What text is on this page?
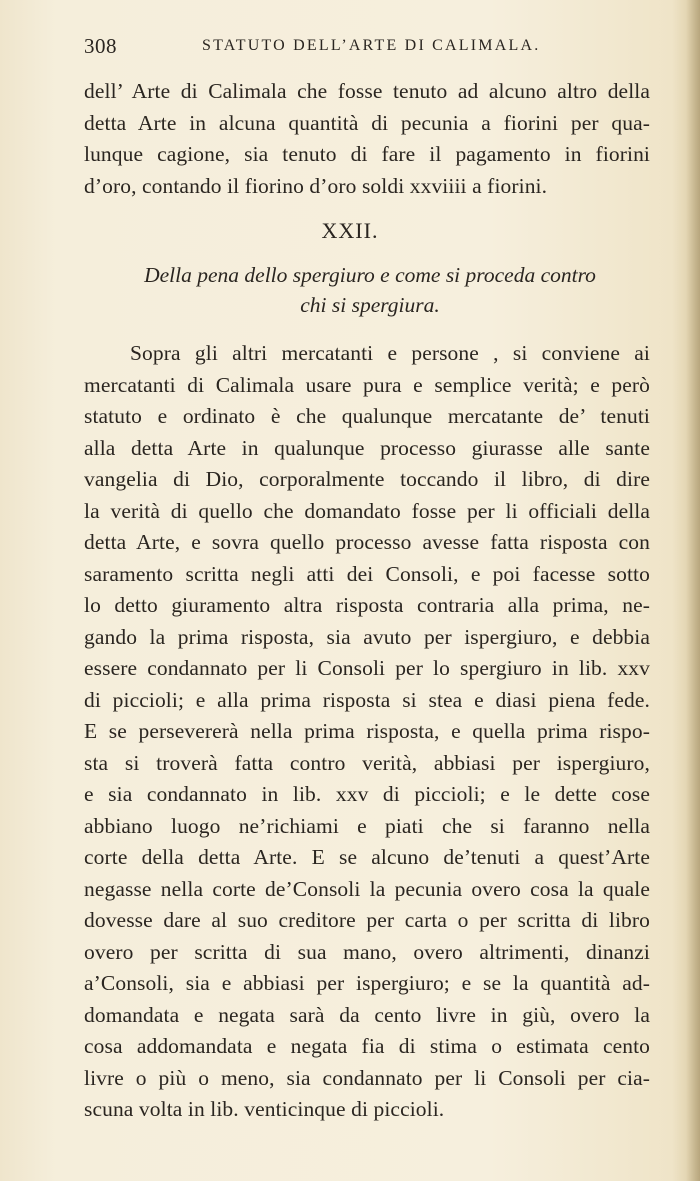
308	STATUTO DELL’ARTE DI CALIMALA.
dell’ Arte di Calimala che fosse tenuto ad alcuno altro della
detta Arte in alcuna quantità di pecunia a fiorini per qua-
lunque cagione, sia tenuto di fare il pagamento in fiorini
d’oro, contando il fiorino d’oro soldi xxviiii a fiorini.
XXII.
Della pena dello spergiuro e come si proceda contro
chi si spergiura.
Sopra gli altri mercatanti e persone , si conviene ai
mercatanti di Calimala usare pura e semplice verità; e però
statuto e ordinato è che qualunque mercatante de’ tenuti
alla detta Arte in qualunque processo giurasse alle sante
vangelia di Dio, corporalmente toccando il libro, di dire
la verità di quello che domandato fosse per li officiali della
detta Arte, e sovra quello processo avesse fatta risposta con
saramento scritta negli atti dei Consoli, e poi facesse sotto
lo detto giuramento altra risposta contraria alla prima, ne-
gando la prima risposta, sia avuto per ispergiuro, e debbia
essere condannato per li Consoli per lo spergiuro in lib. xxv
di piccioli; e alla prima risposta si stea e diasi piena fede.
E se persevererà nella prima risposta, e quella prima rispo-
sta si troverà fatta contro verità, abbiasi per ispergiuro,
e sia condannato in lib. xxv di piccioli; e le dette cose
abbiano luogo ne’richiami e piati che si faranno nella
corte della detta Arte. E se alcuno de’tenuti a quest’Arte
negasse nella corte de’Consoli la pecunia overo cosa la quale
dovesse dare al suo creditore per carta o per scritta di libro
overo per scritta di sua mano, overo altrimenti, dinanzi
a’Consoli, sia e abbiasi per ispergiuro; e se la quantità ad-
domandata e negata sarà da cento livre in giù, overo la
cosa addomandata e negata fia di stima o estimata cento
livre o più o meno, sia condannato per li Consoli per cia-
scuna volta in lib. venticinque di piccioli.
